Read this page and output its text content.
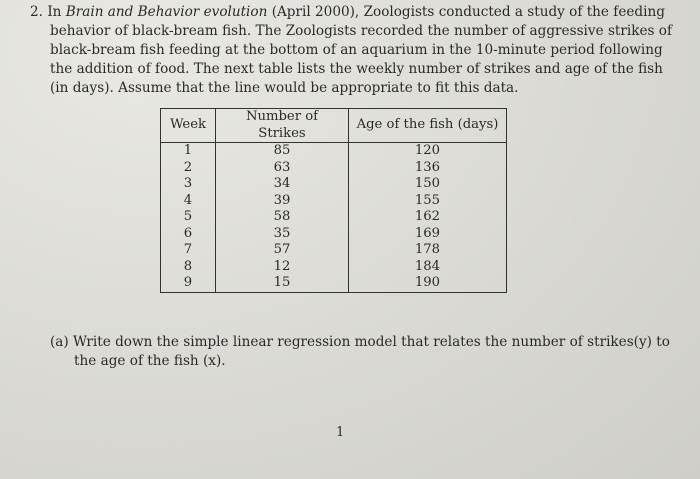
2. In Brain and Behavior evolution (April 2000), Zoologists conducted a study of the feeding behavior of black-bream fish. The Zoologists recorded the number of aggressive strikes of black-bream fish feeding at the bottom of an aquarium in the 10-minute period following the addition of food. The next table lists the weekly number of strikes and age of the fish (in days). Assume that the line would be appropriate to fit this data.
Week	Number of Strikes	Age of the fish (days)
1	85	120
2	63	136
3	34	150
4	39	155
5	58	162
6	35	169
7	57	178
8	12	184
9	15	190
(a) Write down the simple linear regression model that relates the number of strikes(y) to the age of the fish (x).
1
